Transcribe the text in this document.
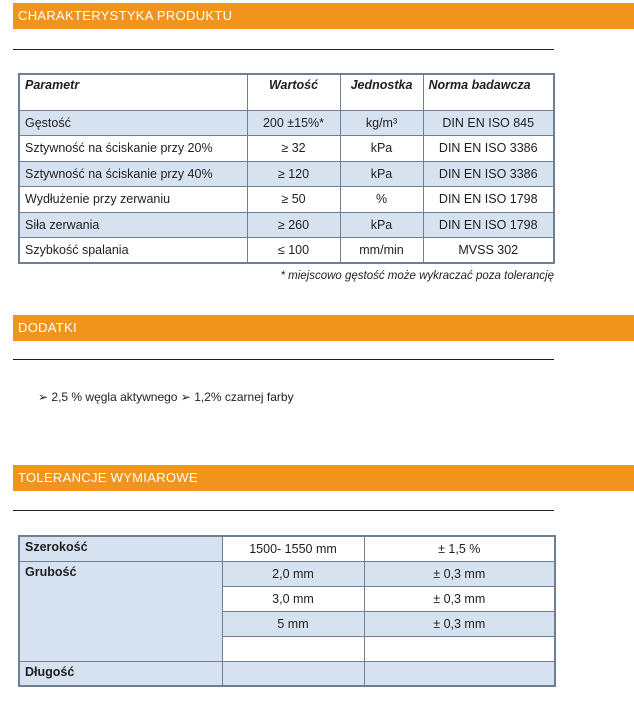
CHARAKTERYSTYKA PRODUKTU
Parametr	Wartość	Jednostka	Norma badawcza
Gęstość	200 ±15%*	kg/m³	DIN EN ISO 845
Sztywność na ściskanie przy 20%	≥ 32	kPa	DIN EN ISO 3386
Sztywność na ściskanie przy 40%	≥ 120	kPa	DIN EN ISO 3386
Wydłużenie przy zerwaniu	≥ 50	%	DIN EN ISO 1798
Siła zerwania	≥ 260	kPa	DIN EN ISO 1798
Szybkość spalania	≤ 100	mm/min	MVSS 302
* miejscowo gęstość może wykraczać poza tolerancję
DODATKI
➢ 2,5 % węgla aktywnego ➢ 1,2% czarnej farby
TOLERANCJE WYMIAROWE
Szerokość	1500- 1550 mm	± 1,5 %
Grubość	2,0 mm	± 0,3 mm
	3,0 mm	± 0,3 mm
	5 mm	± 0,3 mm

Długość		
